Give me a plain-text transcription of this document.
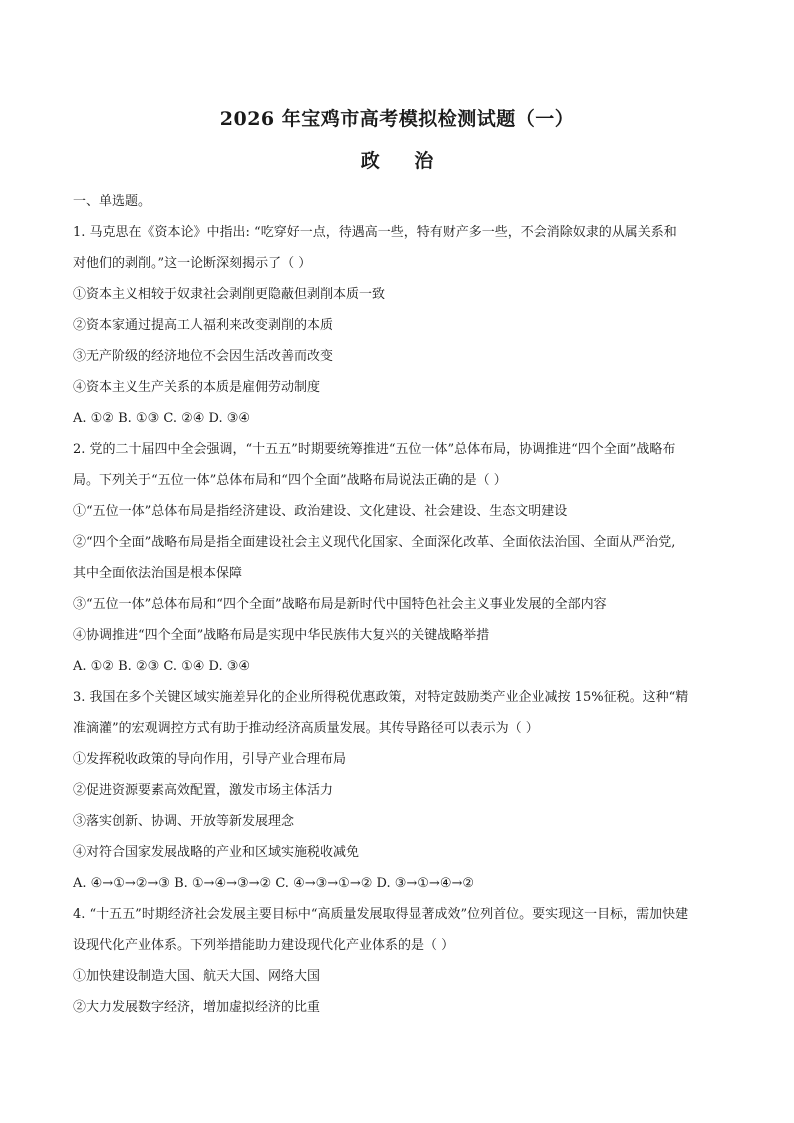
2026 年宝鸡市高考模拟检测试题（一）
政 治
一、单选题。
1. 马克思在《资本论》中指出: “吃穿好一点，待遇高一些，特有财产多一些，不会消除奴隶的从属关系和
对他们的剥削。”这一论断深刻揭示了（ ）
①资本主义相较于奴隶社会剥削更隐蔽但剥削本质一致
②资本家通过提高工人福利来改变剥削的本质
③无产阶级的经济地位不会因生活改善而改变
④资本主义生产关系的本质是雇佣劳动制度
A. ①② B. ①③ C. ②④ D. ③④
2. 党的二十届四中全会强调，“十五五”时期要统筹推进“五位一体”总体布局，协调推进“四个全面”战略布
局。下列关于“五位一体”总体布局和“四个全面”战略布局说法正确的是（ ）
①“五位一体”总体布局是指经济建设、政治建设、文化建设、社会建设、生态文明建设
②“四个全面”战略布局是指全面建设社会主义现代化国家、全面深化改革、全面依法治国、全面从严治党,
其中全面依法治国是根本保障
③“五位一体”总体布局和“四个全面”战略布局是新时代中国特色社会主义事业发展的全部内容
④协调推进“四个全面”战略布局是实现中华民族伟大复兴的关键战略举措
A. ①② B. ②③ C. ①④ D. ③④
3. 我国在多个关键区域实施差异化的企业所得税优惠政策，对特定鼓励类产业企业减按 15%征税。这种“精
准滴灌”的宏观调控方式有助于推动经济高质量发展。其传导路径可以表示为（ ）
①发挥税收政策的导向作用，引导产业合理布局
②促进资源要素高效配置，激发市场主体活力
③落实创新、协调、开放等新发展理念
④对符合国家发展战略的产业和区域实施税收减免
A. ④→①→②→③ B. ①→④→③→② C. ④→③→①→② D. ③→①→④→②
4. “十五五”时期经济社会发展主要目标中“高质量发展取得显著成效”位列首位。要实现这一目标，需加快建
设现代化产业体系。下列举措能助力建设现代化产业体系的是（ ）
①加快建设制造大国、航天大国、网络大国
②大力发展数字经济，增加虚拟经济的比重
